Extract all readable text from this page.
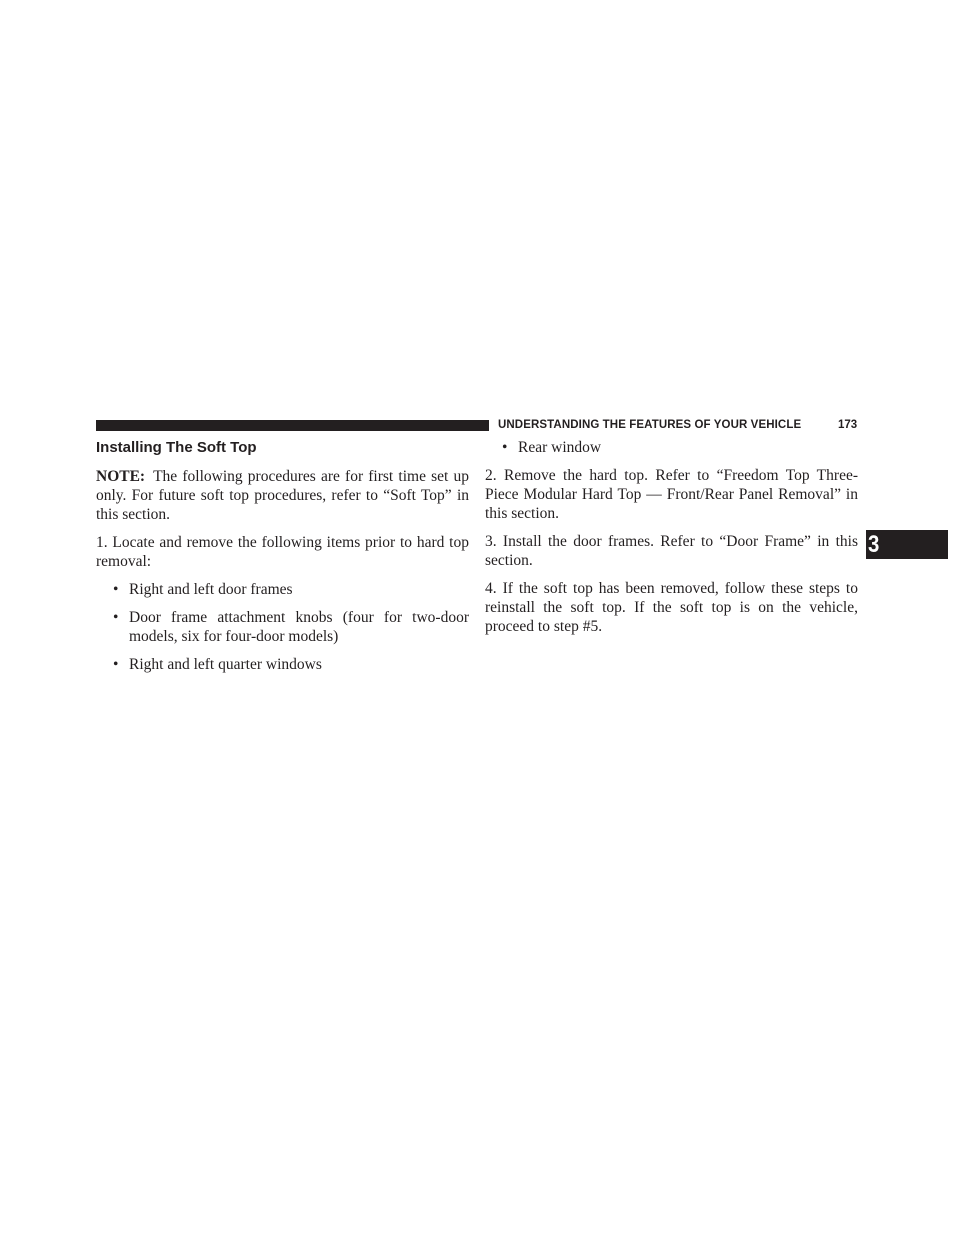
UNDERSTANDING THE FEATURES OF YOUR VEHICLE	173
3
Installing The Soft Top

NOTE: The following procedures are for first time set up only. For future soft top procedures, refer to “Soft Top” in this section.

1. Locate and remove the following items prior to hard top removal:

• Right and left door frames
• Door frame attachment knobs (four for two-door models, six for four-door models)
• Right and left quarter windows
• Rear window

2. Remove the hard top. Refer to “Freedom Top Three-Piece Modular Hard Top — Front/Rear Panel Removal” in this section.

3. Install the door frames. Refer to “Door Frame” in this section.

4. If the soft top has been removed, follow these steps to reinstall the soft top. If the soft top is on the vehicle, proceed to step #5.
